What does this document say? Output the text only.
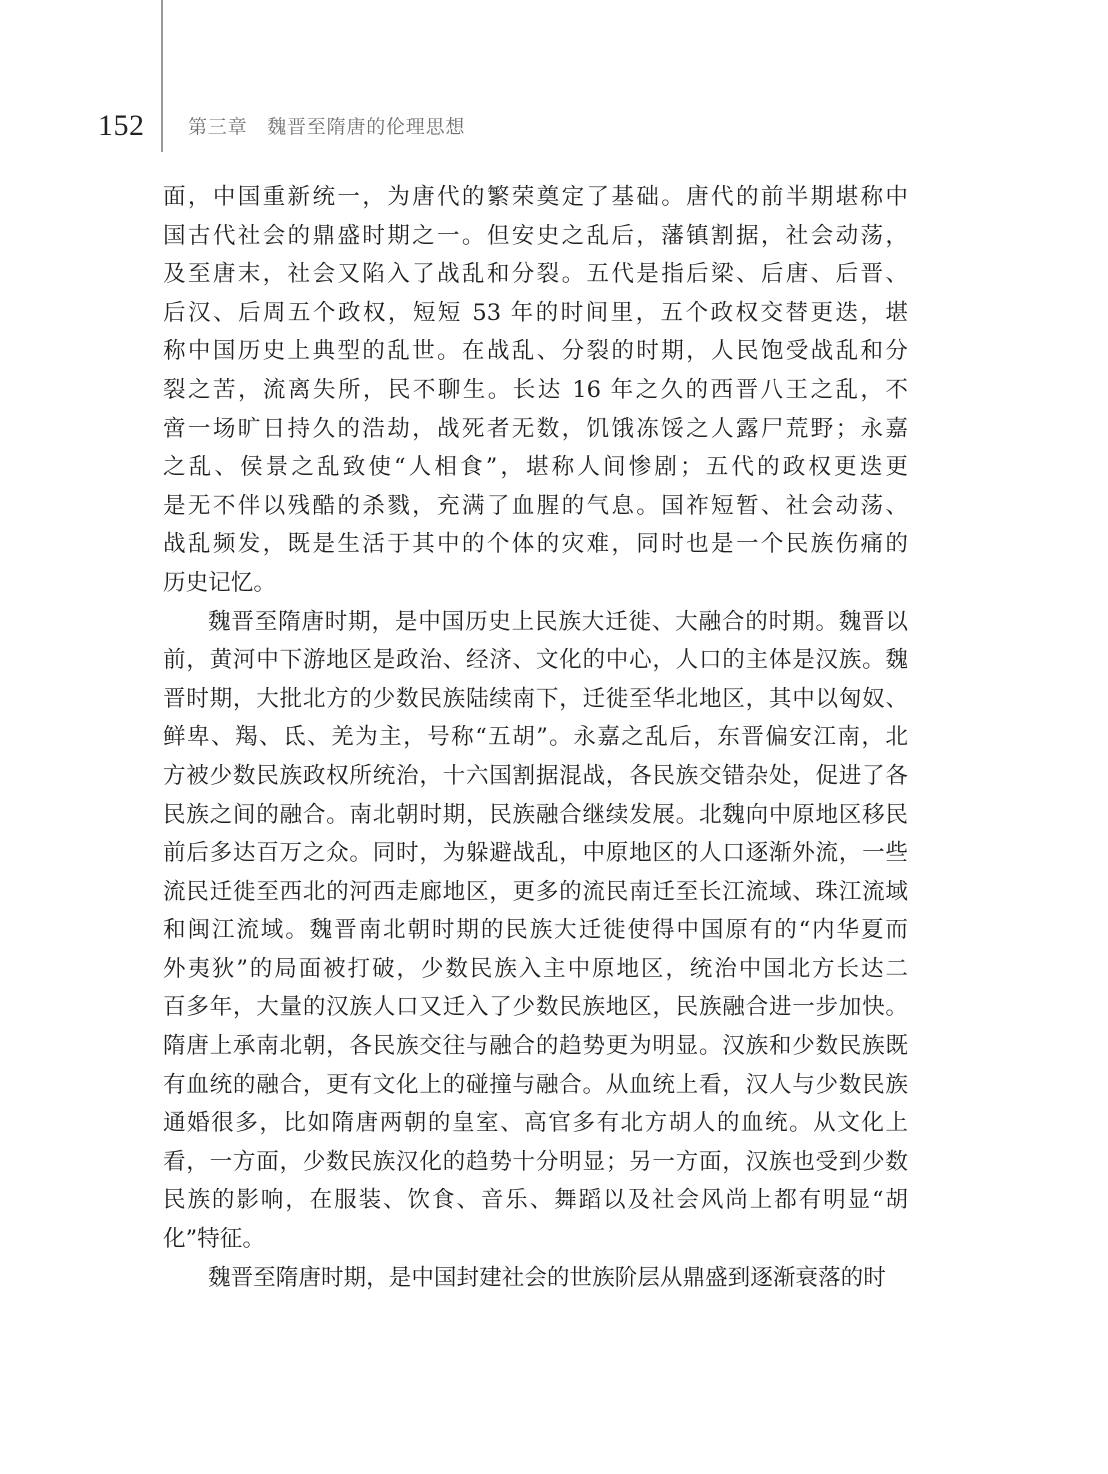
152 第三章　魏晋至隋唐的伦理思想
面，中国重新统一，为唐代的繁荣奠定了基础。唐代的前半期堪称中
国古代社会的鼎盛时期之一。但安史之乱后，藩镇割据，社会动荡，
及至唐末，社会又陷入了战乱和分裂。五代是指后梁、后唐、后晋、
后汉、后周五个政权，短短 53 年的时间里，五个政权交替更迭，堪
称中国历史上典型的乱世。在战乱、分裂的时期，人民饱受战乱和分
裂之苦，流离失所，民不聊生。长达 16 年之久的西晋八王之乱，不
啻一场旷日持久的浩劫，战死者无数，饥饿冻馁之人露尸荒野；永嘉
之乱、侯景之乱致使“人相食”，堪称人间惨剧；五代的政权更迭更
是无不伴以残酷的杀戮，充满了血腥的气息。国祚短暂、社会动荡、
战乱频发，既是生活于其中的个体的灾难，同时也是一个民族伤痛的
历史记忆。
魏晋至隋唐时期，是中国历史上民族大迁徙、大融合的时期。魏晋以
前，黄河中下游地区是政治、经济、文化的中心，人口的主体是汉族。魏
晋时期，大批北方的少数民族陆续南下，迁徙至华北地区，其中以匈奴、
鲜卑、羯、氐、羌为主，号称“五胡”。永嘉之乱后，东晋偏安江南，北
方被少数民族政权所统治，十六国割据混战，各民族交错杂处，促进了各
民族之间的融合。南北朝时期，民族融合继续发展。北魏向中原地区移民
前后多达百万之众。同时，为躲避战乱，中原地区的人口逐渐外流，一些
流民迁徙至西北的河西走廊地区，更多的流民南迁至长江流域、珠江流域
和闽江流域。魏晋南北朝时期的民族大迁徙使得中国原有的“内华夏而
外夷狄”的局面被打破，少数民族入主中原地区，统治中国北方长达二
百多年，大量的汉族人口又迁入了少数民族地区，民族融合进一步加快。
隋唐上承南北朝，各民族交往与融合的趋势更为明显。汉族和少数民族既
有血统的融合，更有文化上的碰撞与融合。从血统上看，汉人与少数民族
通婚很多，比如隋唐两朝的皇室、高官多有北方胡人的血统。从文化上
看，一方面，少数民族汉化的趋势十分明显；另一方面，汉族也受到少数
民族的影响，在服装、饮食、音乐、舞蹈以及社会风尚上都有明显“胡
化”特征。
魏晋至隋唐时期，是中国封建社会的世族阶层从鼎盛到逐渐衰落的时
